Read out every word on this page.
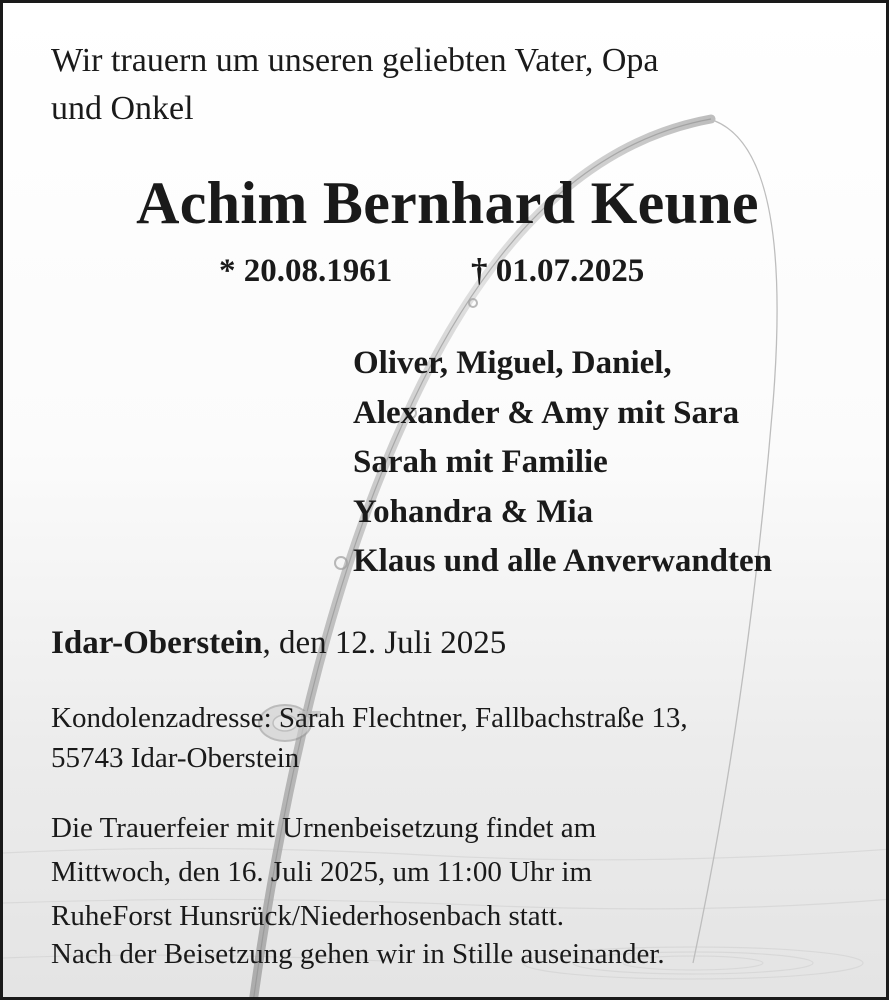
Wir trauern um unseren geliebten Vater, Opa
und Onkel
Achim Bernhard Keune
* 20.08.1961 † 01.07.2025
Oliver, Miguel, Daniel,
Alexander & Amy mit Sara
Sarah mit Familie
Yohandra & Mia
Klaus und alle Anverwandten
Idar-Oberstein, den 12. Juli 2025
Kondolenzadresse: Sarah Flechtner, Fallbachstraße 13,
55743 Idar-Oberstein
Die Trauerfeier mit Urnenbeisetzung findet am
Mittwoch, den 16. Juli 2025, um 11:00 Uhr im
RuheForst Hunsrück/Niederhosenbach statt.
Nach der Beisetzung gehen wir in Stille auseinander.
